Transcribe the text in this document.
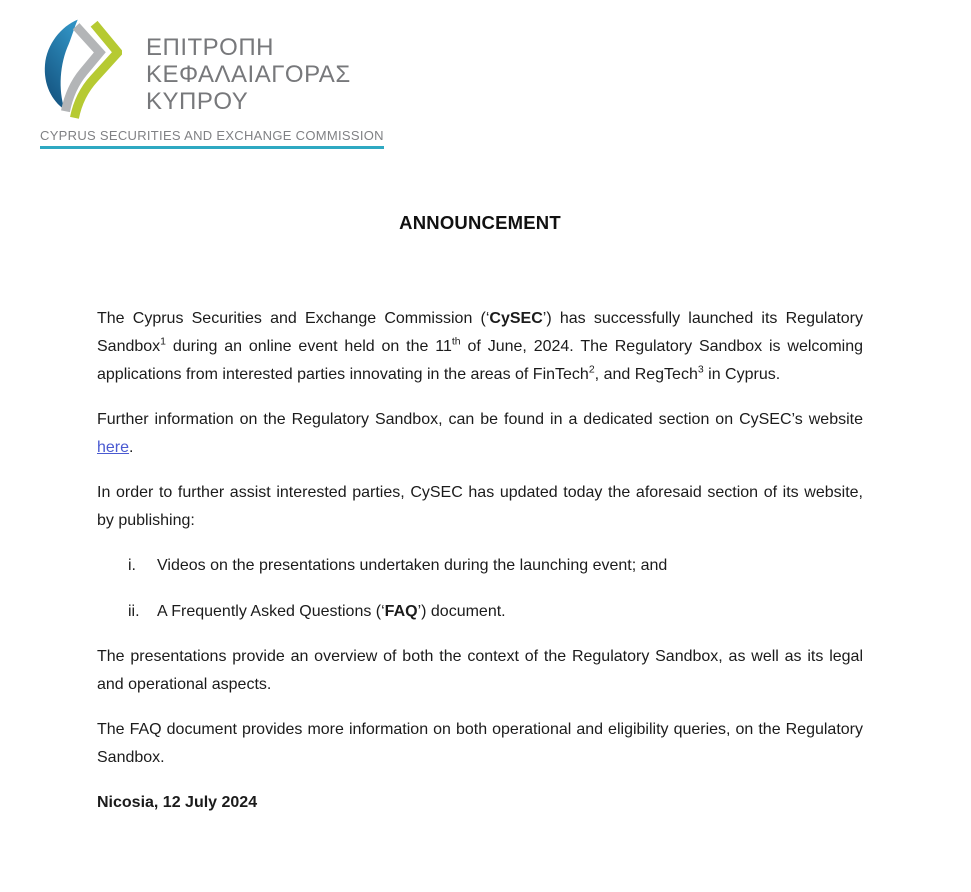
ΕΠΙΤΡΟΠΗ
ΚΕΦΑΛΑΙΑΓΟΡΑΣ
ΚΥΠΡΟΥ
CYPRUS SECURITIES AND EXCHANGE COMMISSION
ANNOUNCEMENT

The Cyprus Securities and Exchange Commission (‘CySEC’) has successfully launched its Regulatory Sandbox$^1$ during an online event held on the 11th of June, 2024. The Regulatory Sandbox is welcoming applications from interested parties innovating in the areas of FinTech$^2$, and RegTech$^3$ in Cyprus.

Further information on the Regulatory Sandbox, can be found in a dedicated section on CySEC’s website here.

In order to further assist interested parties, CySEC has updated today the aforesaid section of its website, by publishing:

i.	Videos on the presentations undertaken during the launching event; and
ii.	A Frequently Asked Questions (‘FAQ’) document.

The presentations provide an overview of both the context of the Regulatory Sandbox, as well as its legal and operational aspects.

The FAQ document provides more information on both operational and eligibility queries, on the Regulatory Sandbox.

Nicosia, 12 July 2024
